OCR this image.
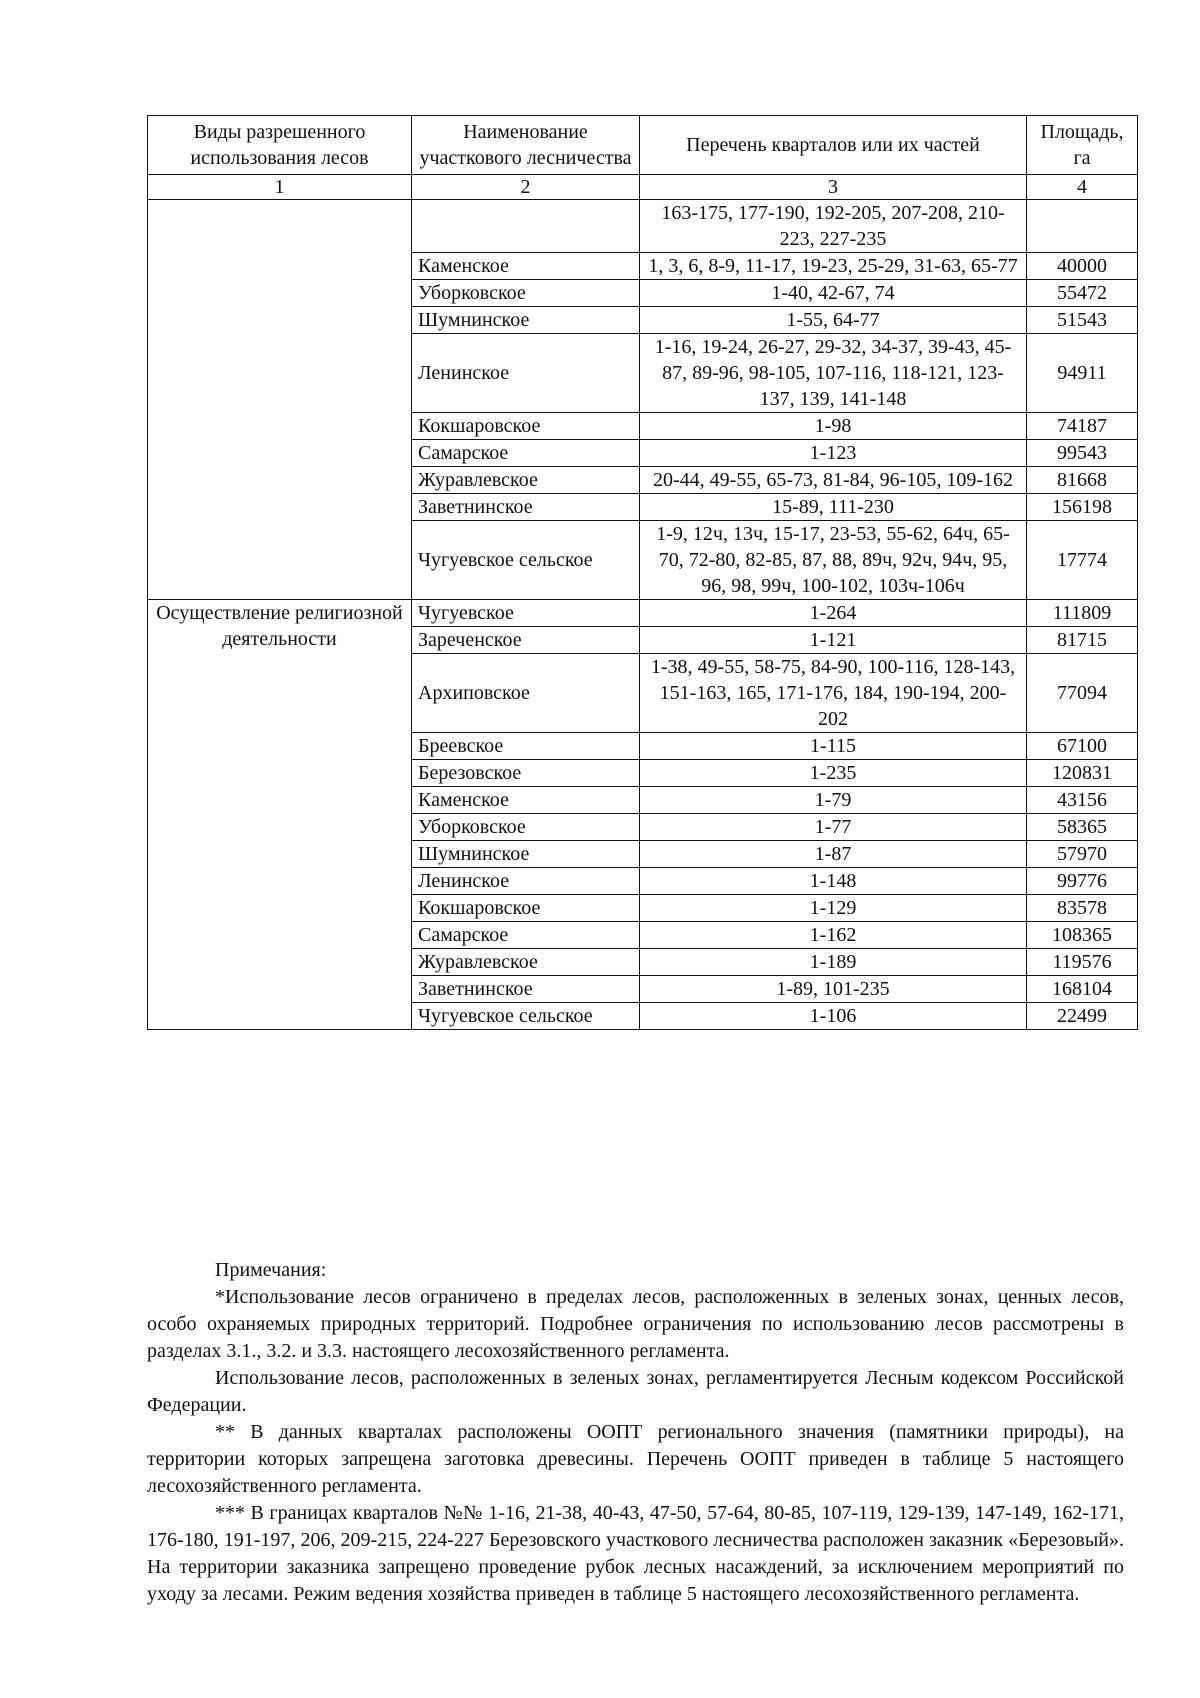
Виды разрешенного использования лесов	Наименование участкового лесничества	Перечень кварталов или их частей	Площадь, га
1	2	3	4
		163-175, 177-190, 192-205, 207-208, 210-223, 227-235	
	Каменское	1, 3, 6, 8-9, 11-17, 19-23, 25-29, 31-63, 65-77	40000
	Уборковское	1-40, 42-67, 74	55472
	Шумнинское	1-55, 64-77	51543
	Ленинское	1-16, 19-24, 26-27, 29-32, 34-37, 39-43, 45-87, 89-96, 98-105, 107-116, 118-121, 123-137, 139, 141-148	94911
	Кокшаровское	1-98	74187
	Самарское	1-123	99543
	Журавлевское	20-44, 49-55, 65-73, 81-84, 96-105, 109-162	81668
	Заветнинское	15-89, 111-230	156198
	Чугуевское сельское	1-9, 12ч, 13ч, 15-17, 23-53, 55-62, 64ч, 65-70, 72-80, 82-85, 87, 88, 89ч, 92ч, 94ч, 95, 96, 98, 99ч, 100-102, 103ч-106ч	17774
Осуществление религиозной деятельности	Чугуевское	1-264	111809
	Зареченское	1-121	81715
	Архиповское	1-38, 49-55, 58-75, 84-90, 100-116, 128-143, 151-163, 165, 171-176, 184, 190-194, 200-202	77094
	Бреевское	1-115	67100
	Березовское	1-235	120831
	Каменское	1-79	43156
	Уборковское	1-77	58365
	Шумнинское	1-87	57970
	Ленинское	1-148	99776
	Кокшаровское	1-129	83578
	Самарское	1-162	108365
	Журавлевское	1-189	119576
	Заветнинское	1-89, 101-235	168104
	Чугуевское сельское	1-106	22499

Примечания:

*Использование лесов ограничено в пределах лесов, расположенных в зеленых зонах, ценных лесов, особо охраняемых природных территорий. Подробнее ограничения по использованию лесов рассмотрены в разделах 3.1., 3.2. и 3.3. настоящего лесохозяйственного регламента.

Использование лесов, расположенных в зеленых зонах, регламентируется Лесным кодексом Российской Федерации.

** В данных кварталах расположены ООПТ регионального значения (памятники природы), на территории которых запрещена заготовка древесины. Перечень ООПТ приведен в таблице 5 настоящего лесохозяйственного регламента.

*** В границах кварталов №№ 1-16, 21-38, 40-43, 47-50, 57-64, 80-85, 107-119, 129-139, 147-149, 162-171, 176-180, 191-197, 206, 209-215, 224-227 Березовского участкового лесничества расположен заказник «Березовый». На территории заказника запрещено проведение рубок лесных насаждений, за исключением мероприятий по уходу за лесами. Режим ведения хозяйства приведен в таблице 5 настоящего лесохозяйственного регламента.
